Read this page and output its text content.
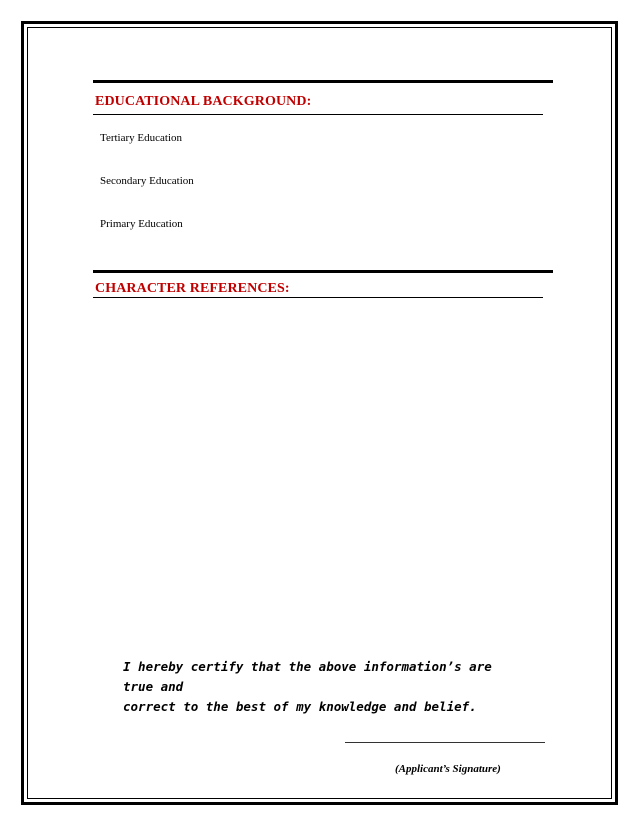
EDUCATIONAL BACKGROUND:

Tertiary Education

Secondary Education

Primary Education

CHARACTER REFERENCES:
I hereby certify that the above information’s are true and
correct to the best of my knowledge and belief.

(Applicant’s Signature)
